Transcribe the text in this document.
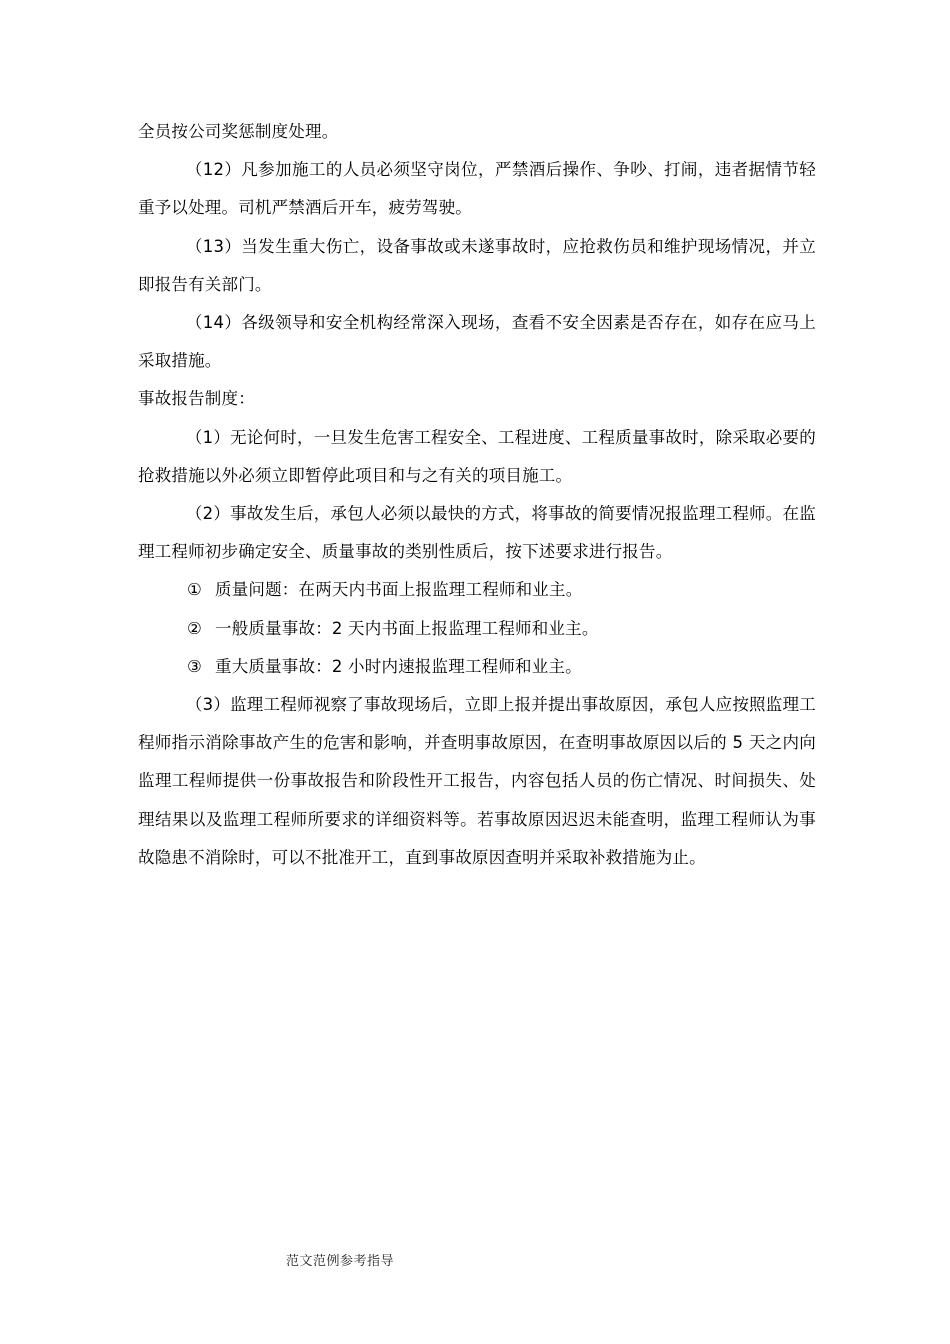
全员按公司奖惩制度处理。

（12）凡参加施工的人员必须坚守岗位，严禁酒后操作、争吵、打闹，违者据情节轻重予以处理。司机严禁酒后开车，疲劳驾驶。

（13）当发生重大伤亡，设备事故或未遂事故时，应抢救伤员和维护现场情况，并立即报告有关部门。

（14）各级领导和安全机构经常深入现场，查看不安全因素是否存在，如存在应马上采取措施。

事故报告制度：

（1）无论何时，一旦发生危害工程安全、工程进度、工程质量事故时，除采取必要的抢救措施以外必须立即暂停此项目和与之有关的项目施工。

（2）事故发生后，承包人必须以最快的方式，将事故的简要情况报监理工程师。在监理工程师初步确定安全、质量事故的类别性质后，按下述要求进行报告。

① 质量问题：在两天内书面上报监理工程师和业主。

② 一般质量事故：2 天内书面上报监理工程师和业主。

③ 重大质量事故：2 小时内速报监理工程师和业主。

（3）监理工程师视察了事故现场后，立即上报并提出事故原因，承包人应按照监理工程师指示消除事故产生的危害和影响，并查明事故原因，在查明事故原因以后的 5 天之内向监理工程师提供一份事故报告和阶段性开工报告，内容包括人员的伤亡情况、时间损失、处理结果以及监理工程师所要求的详细资料等。若事故原因迟迟未能查明，监理工程师认为事故隐患不消除时，可以不批准开工，直到事故原因查明并采取补救措施为止。

范文范例参考指导
